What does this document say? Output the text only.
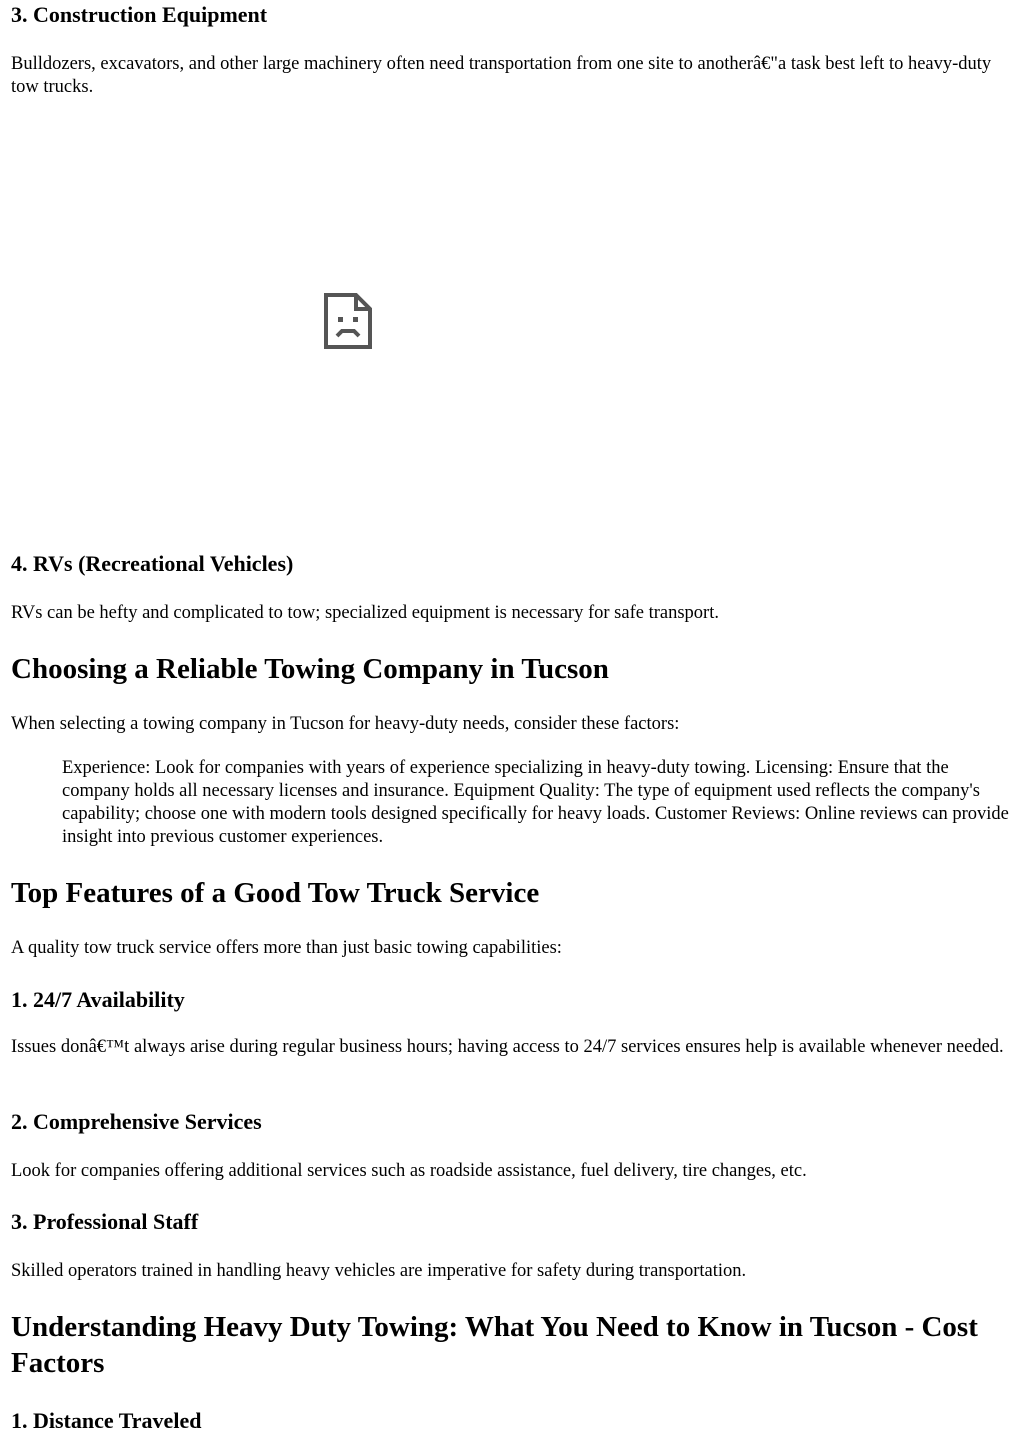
3. Construction Equipment

Bulldozers, excavators, and other large machinery often need transportation from one site to anotherâ€"a task best left to heavy-duty tow trucks.

4. RVs (Recreational Vehicles)

RVs can be hefty and complicated to tow; specialized equipment is necessary for safe transport.

Choosing a Reliable Towing Company in Tucson

When selecting a towing company in Tucson for heavy-duty needs, consider these factors:

Experience: Look for companies with years of experience specializing in heavy-duty towing. Licensing: Ensure that the company holds all necessary licenses and insurance. Equipment Quality: The type of equipment used reflects the company's capability; choose one with modern tools designed specifically for heavy loads. Customer Reviews: Online reviews can provide insight into previous customer experiences.

Top Features of a Good Tow Truck Service

A quality tow truck service offers more than just basic towing capabilities:

1. 24/7 Availability

Issues donâ€™t always arise during regular business hours; having access to 24/7 services ensures help is available whenever needed.

2. Comprehensive Services

Look for companies offering additional services such as roadside assistance, fuel delivery, tire changes, etc.

3. Professional Staff

Skilled operators trained in handling heavy vehicles are imperative for safety during transportation.

Understanding Heavy Duty Towing: What You Need to Know in Tucson - Cost Factors
1. Distance Traveled
